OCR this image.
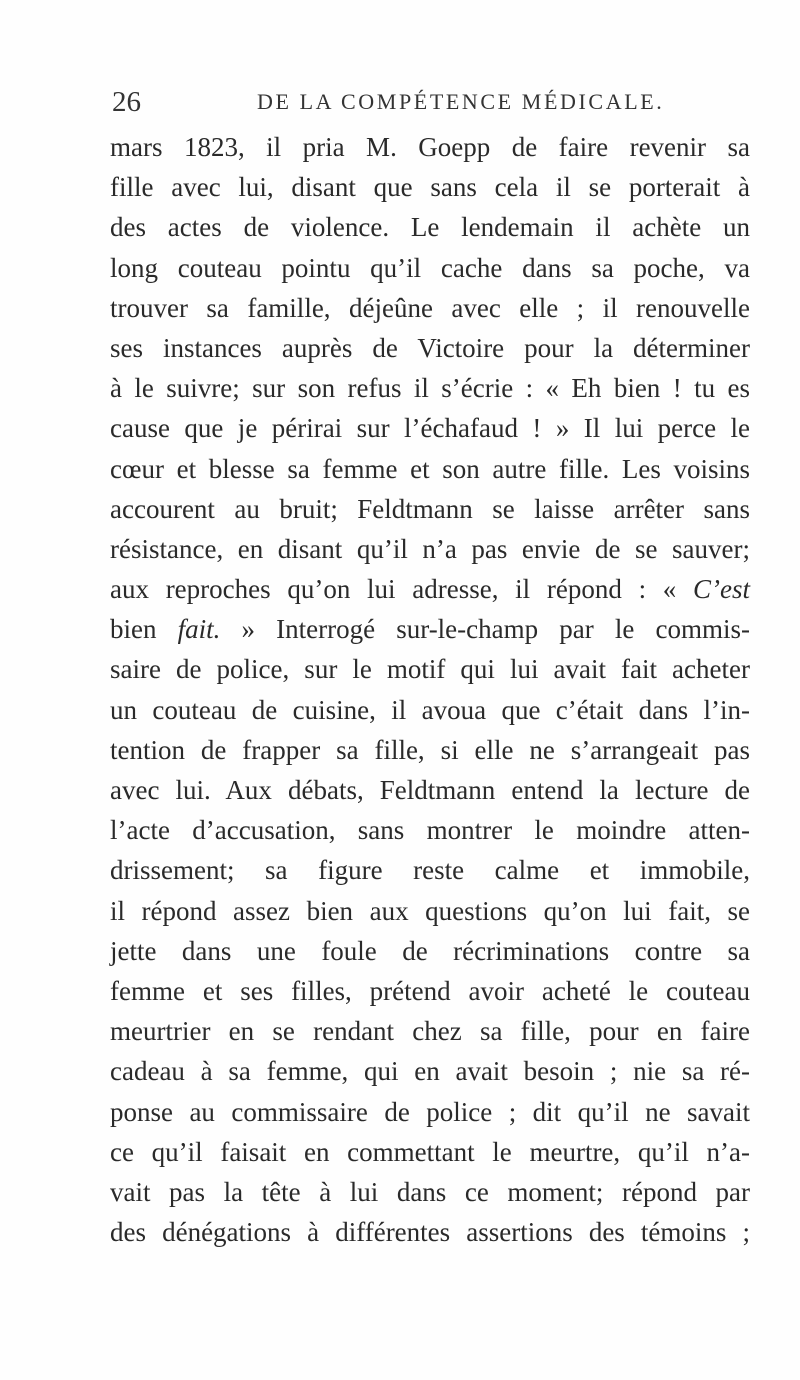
26	DE LA COMPÉTENCE MÉDICALE.
mars 1823, il pria M. Goepp de faire revenir sa
fille avec lui, disant que sans cela il se porterait à
des actes de violence. Le lendemain il achète un
long couteau pointu qu’il cache dans sa poche, va
trouver sa famille, déjeûne avec elle ; il renouvelle
ses instances auprès de Victoire pour la déterminer
à le suivre; sur son refus il s’écrie : « Eh bien ! tu es
cause que je périrai sur l’échafaud ! » Il lui perce le
cœur et blesse sa femme et son autre fille. Les voisins
accourent au bruit; Feldtmann se laisse arrêter sans
résistance, en disant qu’il n’a pas envie de se sauver;
aux reproches qu’on lui adresse, il répond : « C’est
bien fait. » Interrogé sur-le-champ par le commis-
saire de police, sur le motif qui lui avait fait acheter
un couteau de cuisine, il avoua que c’était dans l’in-
tention de frapper sa fille, si elle ne s’arrangeait pas
avec lui. Aux débats, Feldtmann entend la lecture de
l’acte d’accusation, sans montrer le moindre atten-
drissement; sa figure reste calme et immobile,
il répond assez bien aux questions qu’on lui fait, se
jette dans une foule de récriminations contre sa
femme et ses filles, prétend avoir acheté le couteau
meurtrier en se rendant chez sa fille, pour en faire
cadeau à sa femme, qui en avait besoin ; nie sa ré-
ponse au commissaire de police ; dit qu’il ne savait
ce qu’il faisait en commettant le meurtre, qu’il n’a-
vait pas la tête à lui dans ce moment; répond par
des dénégations à différentes assertions des témoins ;
